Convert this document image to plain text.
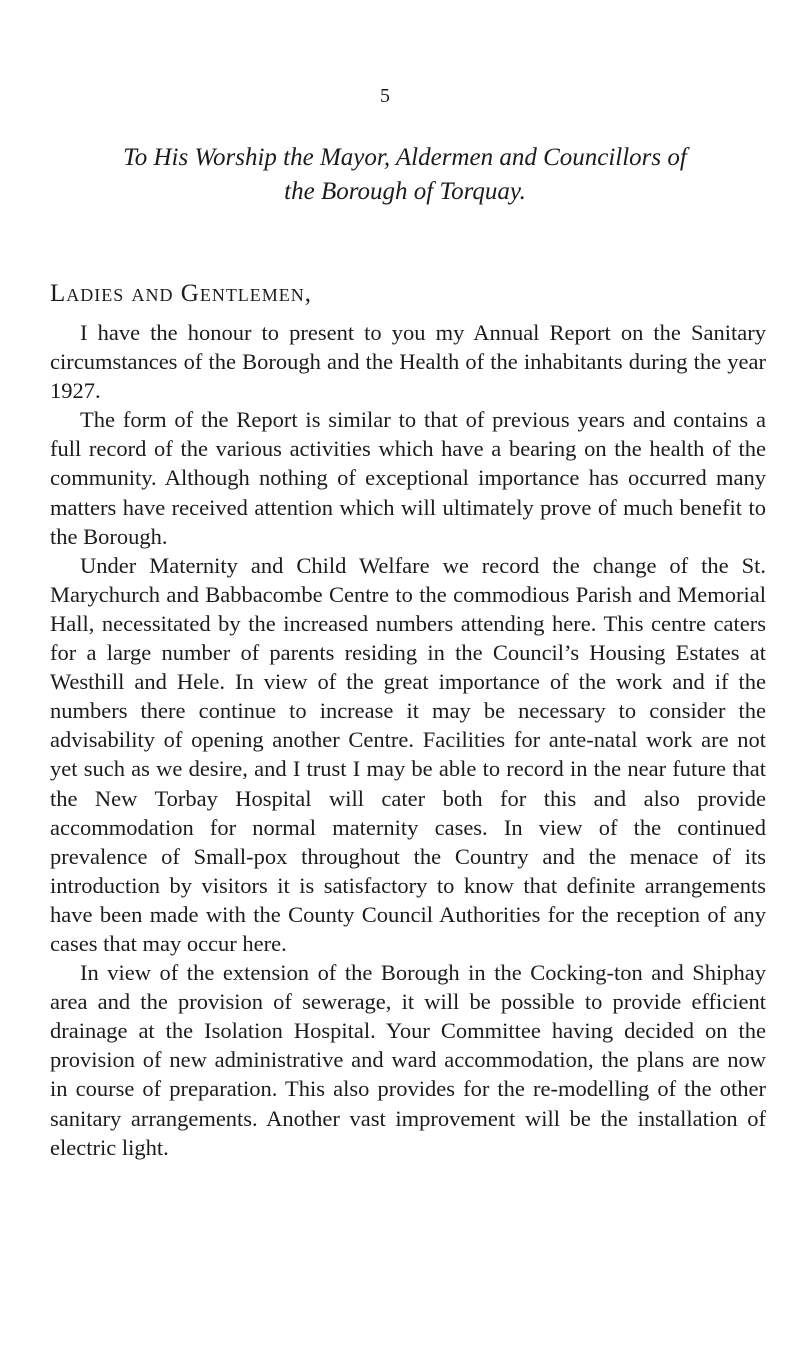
5
To His Worship the Mayor, Aldermen and Councillors of
the Borough of Torquay.
Ladies and Gentlemen,

I have the honour to present to you my Annual Report on the Sanitary circumstances of the Borough and the Health of the inhabitants during the year 1927.

The form of the Report is similar to that of previous years and contains a full record of the various activities which have a bearing on the health of the community. Although nothing of exceptional importance has occurred many matters have received attention which will ultimately prove of much benefit to the Borough.

Under Maternity and Child Welfare we record the change of the St. Marychurch and Babbacombe Centre to the commodious Parish and Memorial Hall, necessitated by the increased numbers attending here. This centre caters for a large number of parents residing in the Council’s Housing Estates at Westhill and Hele. In view of the great importance of the work and if the numbers there continue to increase it may be necessary to consider the advisability of opening another Centre. Facilities for ante-natal work are not yet such as we desire, and I trust I may be able to record in the near future that the New Torbay Hospital will cater both for this and also provide accommodation for normal maternity cases. In view of the continued prevalence of Small-pox throughout the Country and the menace of its introduction by visitors it is satisfactory to know that definite arrangements have been made with the County Council Authorities for the reception of any cases that may occur here.

In view of the extension of the Borough in the Cocking-ton and Shiphay area and the provision of sewerage, it will be possible to provide efficient drainage at the Isolation Hospital. Your Committee having decided on the provision of new administrative and ward accommodation, the plans are now in course of preparation. This also provides for the re-modelling of the other sanitary arrangements. Another vast improvement will be the installation of electric light.
